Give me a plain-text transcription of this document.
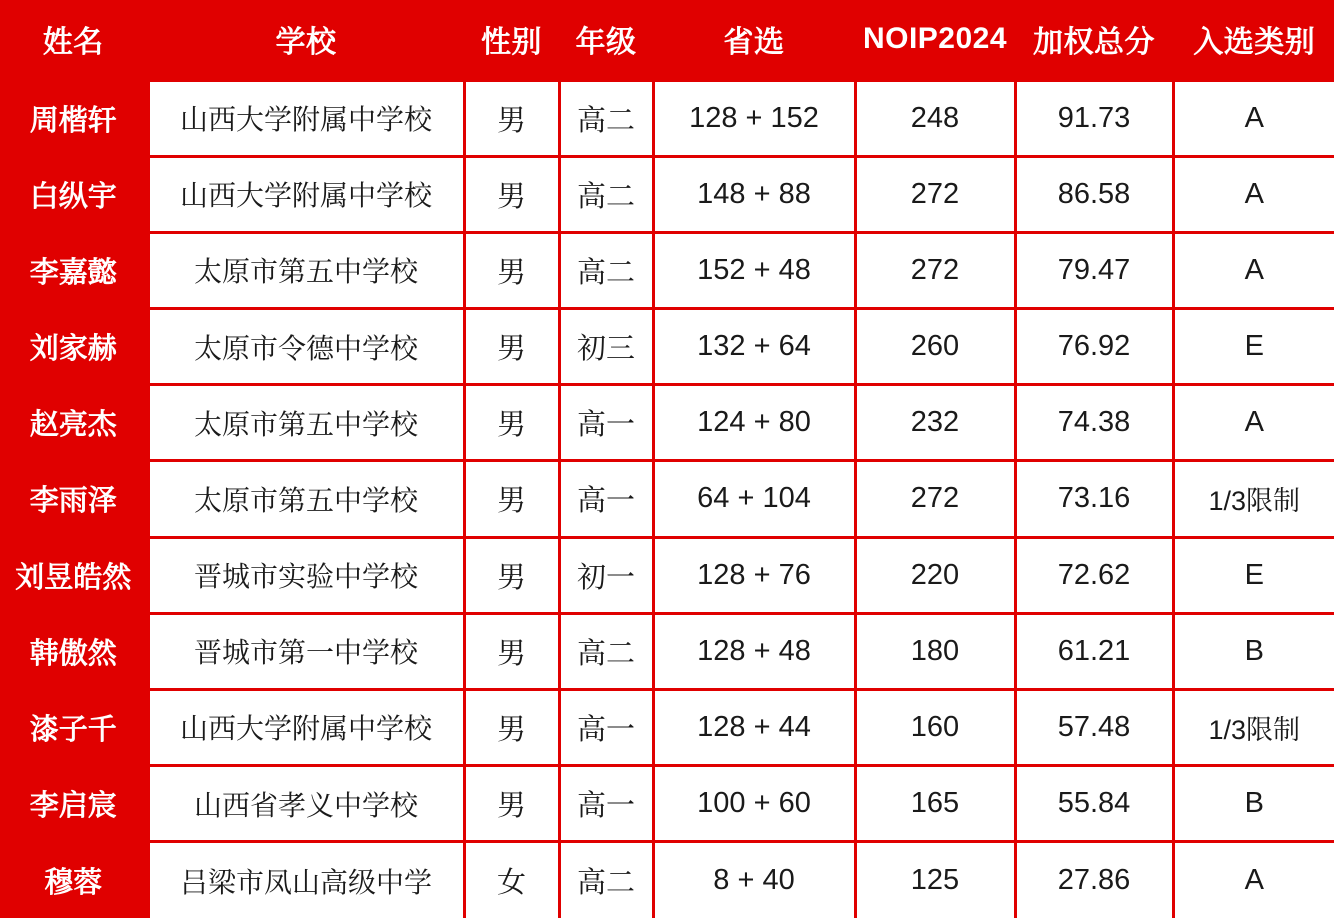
姓名	学校	性别	年级	省选	NOIP2024	加权总分	入选类别
周楷轩	山西大学附属中学校	男	高二	128 + 152	248	91.73	A
白纵宇	山西大学附属中学校	男	高二	148 + 88	272	86.58	A
李嘉懿	太原市第五中学校	男	高二	152 + 48	272	79.47	A
刘家赫	太原市令德中学校	男	初三	132 + 64	260	76.92	E
赵亮杰	太原市第五中学校	男	高一	124 + 80	232	74.38	A
李雨泽	太原市第五中学校	男	高一	64 + 104	272	73.16	1/3限制
刘昱皓然	晋城市实验中学校	男	初一	128 + 76	220	72.62	E
韩傲然	晋城市第一中学校	男	高二	128 + 48	180	61.21	B
漆子千	山西大学附属中学校	男	高一	128 + 44	160	57.48	1/3限制
李启宸	山西省孝义中学校	男	高一	100 + 60	165	55.84	B
穆蓉	吕梁市凤山高级中学	女	高二	8 + 40	125	27.86	A
